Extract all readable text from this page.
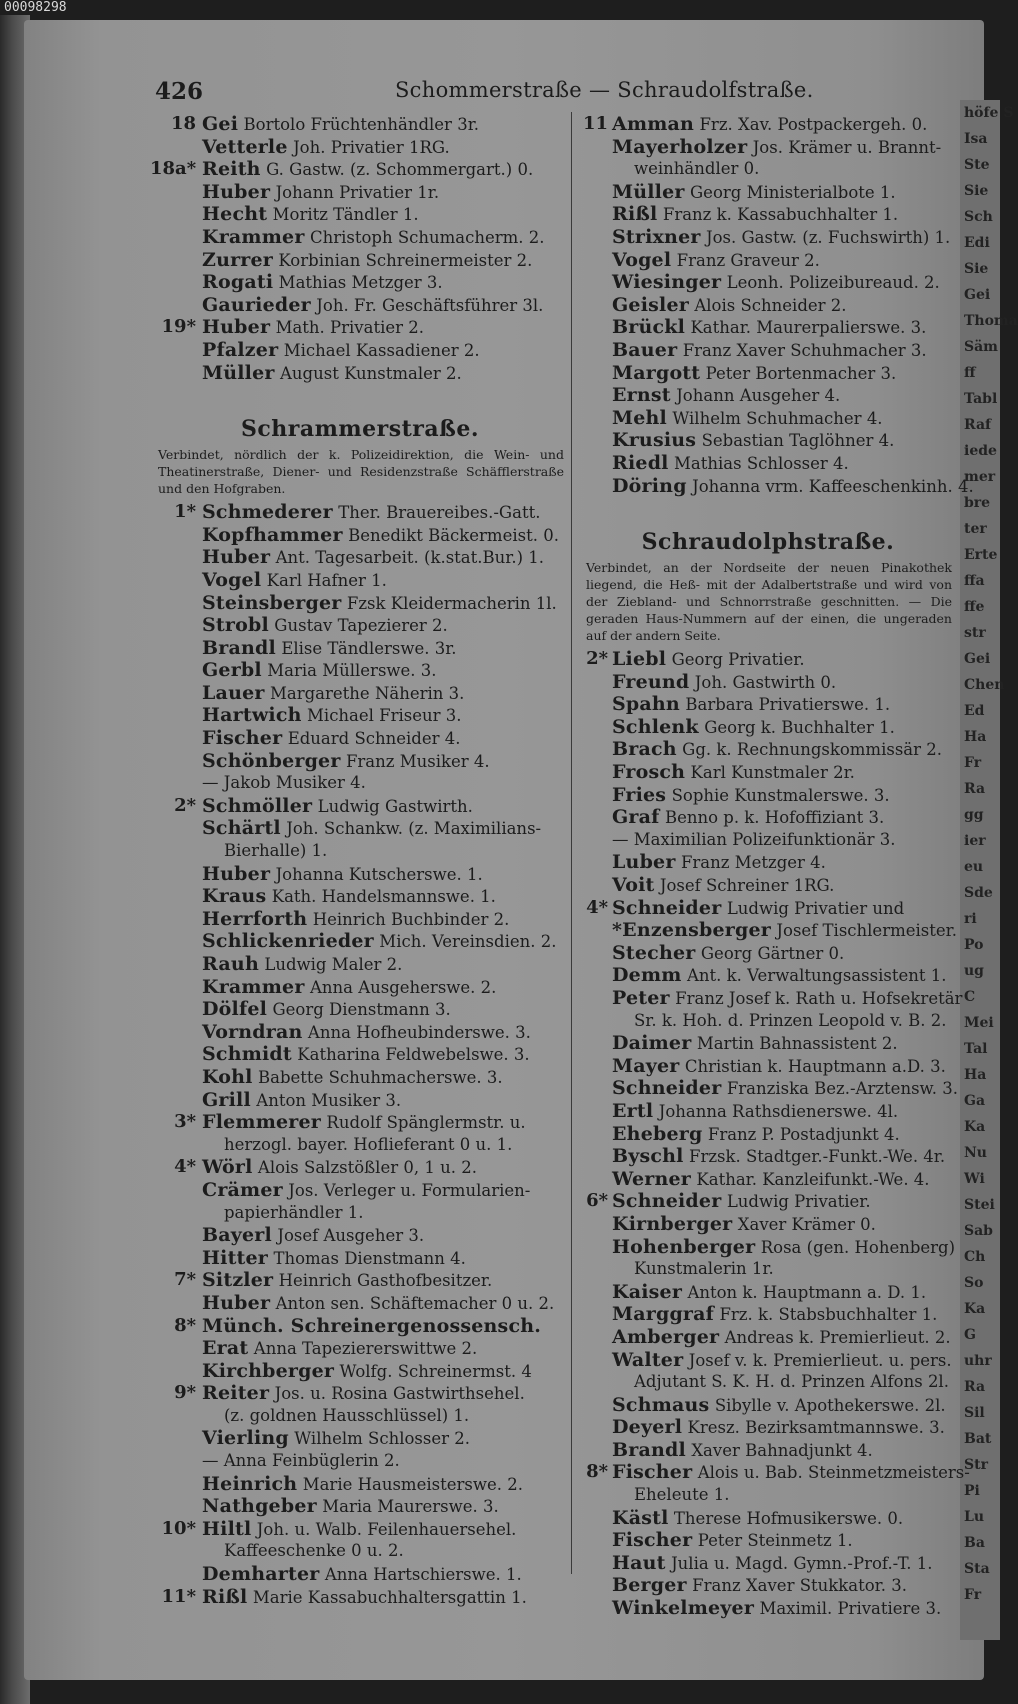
00098298
höfe S
Isa
Ste
Sie
Sch
Edi
Sie
Gei
Thoma
Säm
ff
Tabl
Raf
iede
mer
bre
ter
Erte
ffa
ffe
str
Gei
Chen
Ed
Ha
Fr
Ra
gg
ier
eu
Sde
ri
Po
ug
C
Mei
Tal
Ha
Ga
Ka
Nu
Wi
Stei
Sab
Ch
So
Ka
G
uhr
Ra
Sil
Bat
Str
Pi
Lu
Ba
Sta
Fr
426	Schommerstraße — Schraudolfstraße.
18 Gei Bortolo Früchtenhändler 3r.
Vetterle Joh. Privatier 1RG.
18a* Reith G. Gastw. (z. Schommergart.) 0.
Huber Johann Privatier 1r.
Hecht Moritz Tändler 1.
Krammer Christoph Schumacherm. 2.
Zurrer Korbinian Schreinermeister 2.
Rogati Mathias Metzger 3.
Gaurieder Joh. Fr. Geschäftsführer 3l.
19* Huber Math. Privatier 2.
Pfalzer Michael Kassadiener 2.
Müller August Kunstmaler 2.
Schrammerstraße.
Verbindet, nördlich der k. Polizeidirektion, die Wein- und Theatinerstraße, Diener- und Residenzstraße Schäfflerstraße und den Hofgraben.
1* Schmederer Ther. Brauereibes.-Gatt.
Kopfhammer Benedikt Bäckermeist. 0.
Huber Ant. Tagesarbeit. (k.stat.Bur.) 1.
Vogel Karl Hafner 1.
Steinsberger Fzsk Kleidermacherin 1l.
Strobl Gustav Tapezierer 2.
Brandl Elise Tändlerswe. 3r.
Gerbl Maria Müllerswe. 3.
Lauer Margarethe Näherin 3.
Hartwich Michael Friseur 3.
Fischer Eduard Schneider 4.
Schönberger Franz Musiker 4.
— Jakob Musiker 4.
2* Schmöller Ludwig Gastwirth.
Schärtl Joh. Schankw. (z. Maximilians-
Bierhalle) 1.
Huber Johanna Kutscherswe. 1.
Kraus Kath. Handelsmannswe. 1.
Herrforth Heinrich Buchbinder 2.
Schlickenrieder Mich. Vereinsdien. 2.
Rauh Ludwig Maler 2.
Krammer Anna Ausgeherswe. 2.
Dölfel Georg Dienstmann 3.
Vorndran Anna Hofheubinderswe. 3.
Schmidt Katharina Feldwebelswe. 3.
Kohl Babette Schuhmacherswe. 3.
Grill Anton Musiker 3.
3* Flemmerer Rudolf Spänglermstr. u.
herzogl. bayer. Hoflieferant 0 u. 1.
4* Wörl Alois Salzstößler 0, 1 u. 2.
Crämer Jos. Verleger u. Formularien-
papierhändler 1.
Bayerl Josef Ausgeher 3.
Hitter Thomas Dienstmann 4.
7* Sitzler Heinrich Gasthofbesitzer.
Huber Anton sen. Schäftemacher 0 u. 2.
8* Münch. Schreinergenossensch.
Erat Anna Tapeziererswittwe 2.
Kirchberger Wolfg. Schreinermst. 4
9* Reiter Jos. u. Rosina Gastwirthsehel.
(z. goldnen Hausschlüssel) 1.
Vierling Wilhelm Schlosser 2.
— Anna Feinbüglerin 2.
Heinrich Marie Hausmeisterswe. 2.
Nathgeber Maria Maurerswe. 3.
10* Hiltl Joh. u. Walb. Feilenhauersehel.
Kaffeeschenke 0 u. 2.
Demharter Anna Hartschierswe. 1.
11* Rißl Marie Kassabuchhaltersgattin 1.
11 Amman Frz. Xav. Postpackergeh. 0.
Mayerholzer Jos. Krämer u. Brannt-
weinhändler 0.
Müller Georg Ministerialbote 1.
Rißl Franz k. Kassabuchhalter 1.
Strixner Jos. Gastw. (z. Fuchswirth) 1.
Vogel Franz Graveur 2.
Wiesinger Leonh. Polizeibureaud. 2.
Geisler Alois Schneider 2.
Brückl Kathar. Maurerpalierswe. 3.
Bauer Franz Xaver Schuhmacher 3.
Margott Peter Bortenmacher 3.
Ernst Johann Ausgeher 4.
Mehl Wilhelm Schuhmacher 4.
Krusius Sebastian Taglöhner 4.
Riedl Mathias Schlosser 4.
Döring Johanna vrm. Kaffeeschenkinh. 4.
Schraudolphstraße.
Verbindet, an der Nordseite der neuen Pinakothek liegend, die Heß- mit der Adalbertstraße und wird von der Ziebland- und Schnorrstraße geschnitten. — Die geraden Haus-Nummern auf der einen, die ungeraden auf der andern Seite.
2* Liebl Georg Privatier.
Freund Joh. Gastwirth 0.
Spahn Barbara Privatierswe. 1.
Schlenk Georg k. Buchhalter 1.
Brach Gg. k. Rechnungskommissär 2.
Frosch Karl Kunstmaler 2r.
Fries Sophie Kunstmalerswe. 3.
Graf Benno p. k. Hofoffiziant 3.
— Maximilian Polizeifunktionär 3.
Luber Franz Metzger 4.
Voit Josef Schreiner 1RG.
4* Schneider Ludwig Privatier und
*Enzensberger Josef Tischlermeister.
Stecher Georg Gärtner 0.
Demm Ant. k. Verwaltungsassistent 1.
Peter Franz Josef k. Rath u. Hofsekretär
Sr. k. Hoh. d. Prinzen Leopold v. B. 2.
Daimer Martin Bahnassistent 2.
Mayer Christian k. Hauptmann a.D. 3.
Schneider Franziska Bez.-Arztensw. 3.
Ertl Johanna Rathsdienerswe. 4l.
Eheberg Franz P. Postadjunkt 4.
Byschl Frzsk. Stadtger.-Funkt.-We. 4r.
Werner Kathar. Kanzleifunkt.-We. 4.
6* Schneider Ludwig Privatier.
Kirnberger Xaver Krämer 0.
Hohenberger Rosa (gen. Hohenberg)
Kunstmalerin 1r.
Kaiser Anton k. Hauptmann a. D. 1.
Marggraf Frz. k. Stabsbuchhalter 1.
Amberger Andreas k. Premierlieut. 2.
Walter Josef v. k. Premierlieut. u. pers.
Adjutant S. K. H. d. Prinzen Alfons 2l.
Schmaus Sibylle v. Apothekerswe. 2l.
Deyerl Kresz. Bezirksamtmannswe. 3.
Brandl Xaver Bahnadjunkt 4.
8* Fischer Alois u. Bab. Steinmetzmeisters-
Eheleute 1.
Kästl Therese Hofmusikerswe. 0.
Fischer Peter Steinmetz 1.
Haut Julia u. Magd. Gymn.-Prof.-T. 1.
Berger Franz Xaver Stukkator. 3.
Winkelmeyer Maximil. Privatiere 3.
